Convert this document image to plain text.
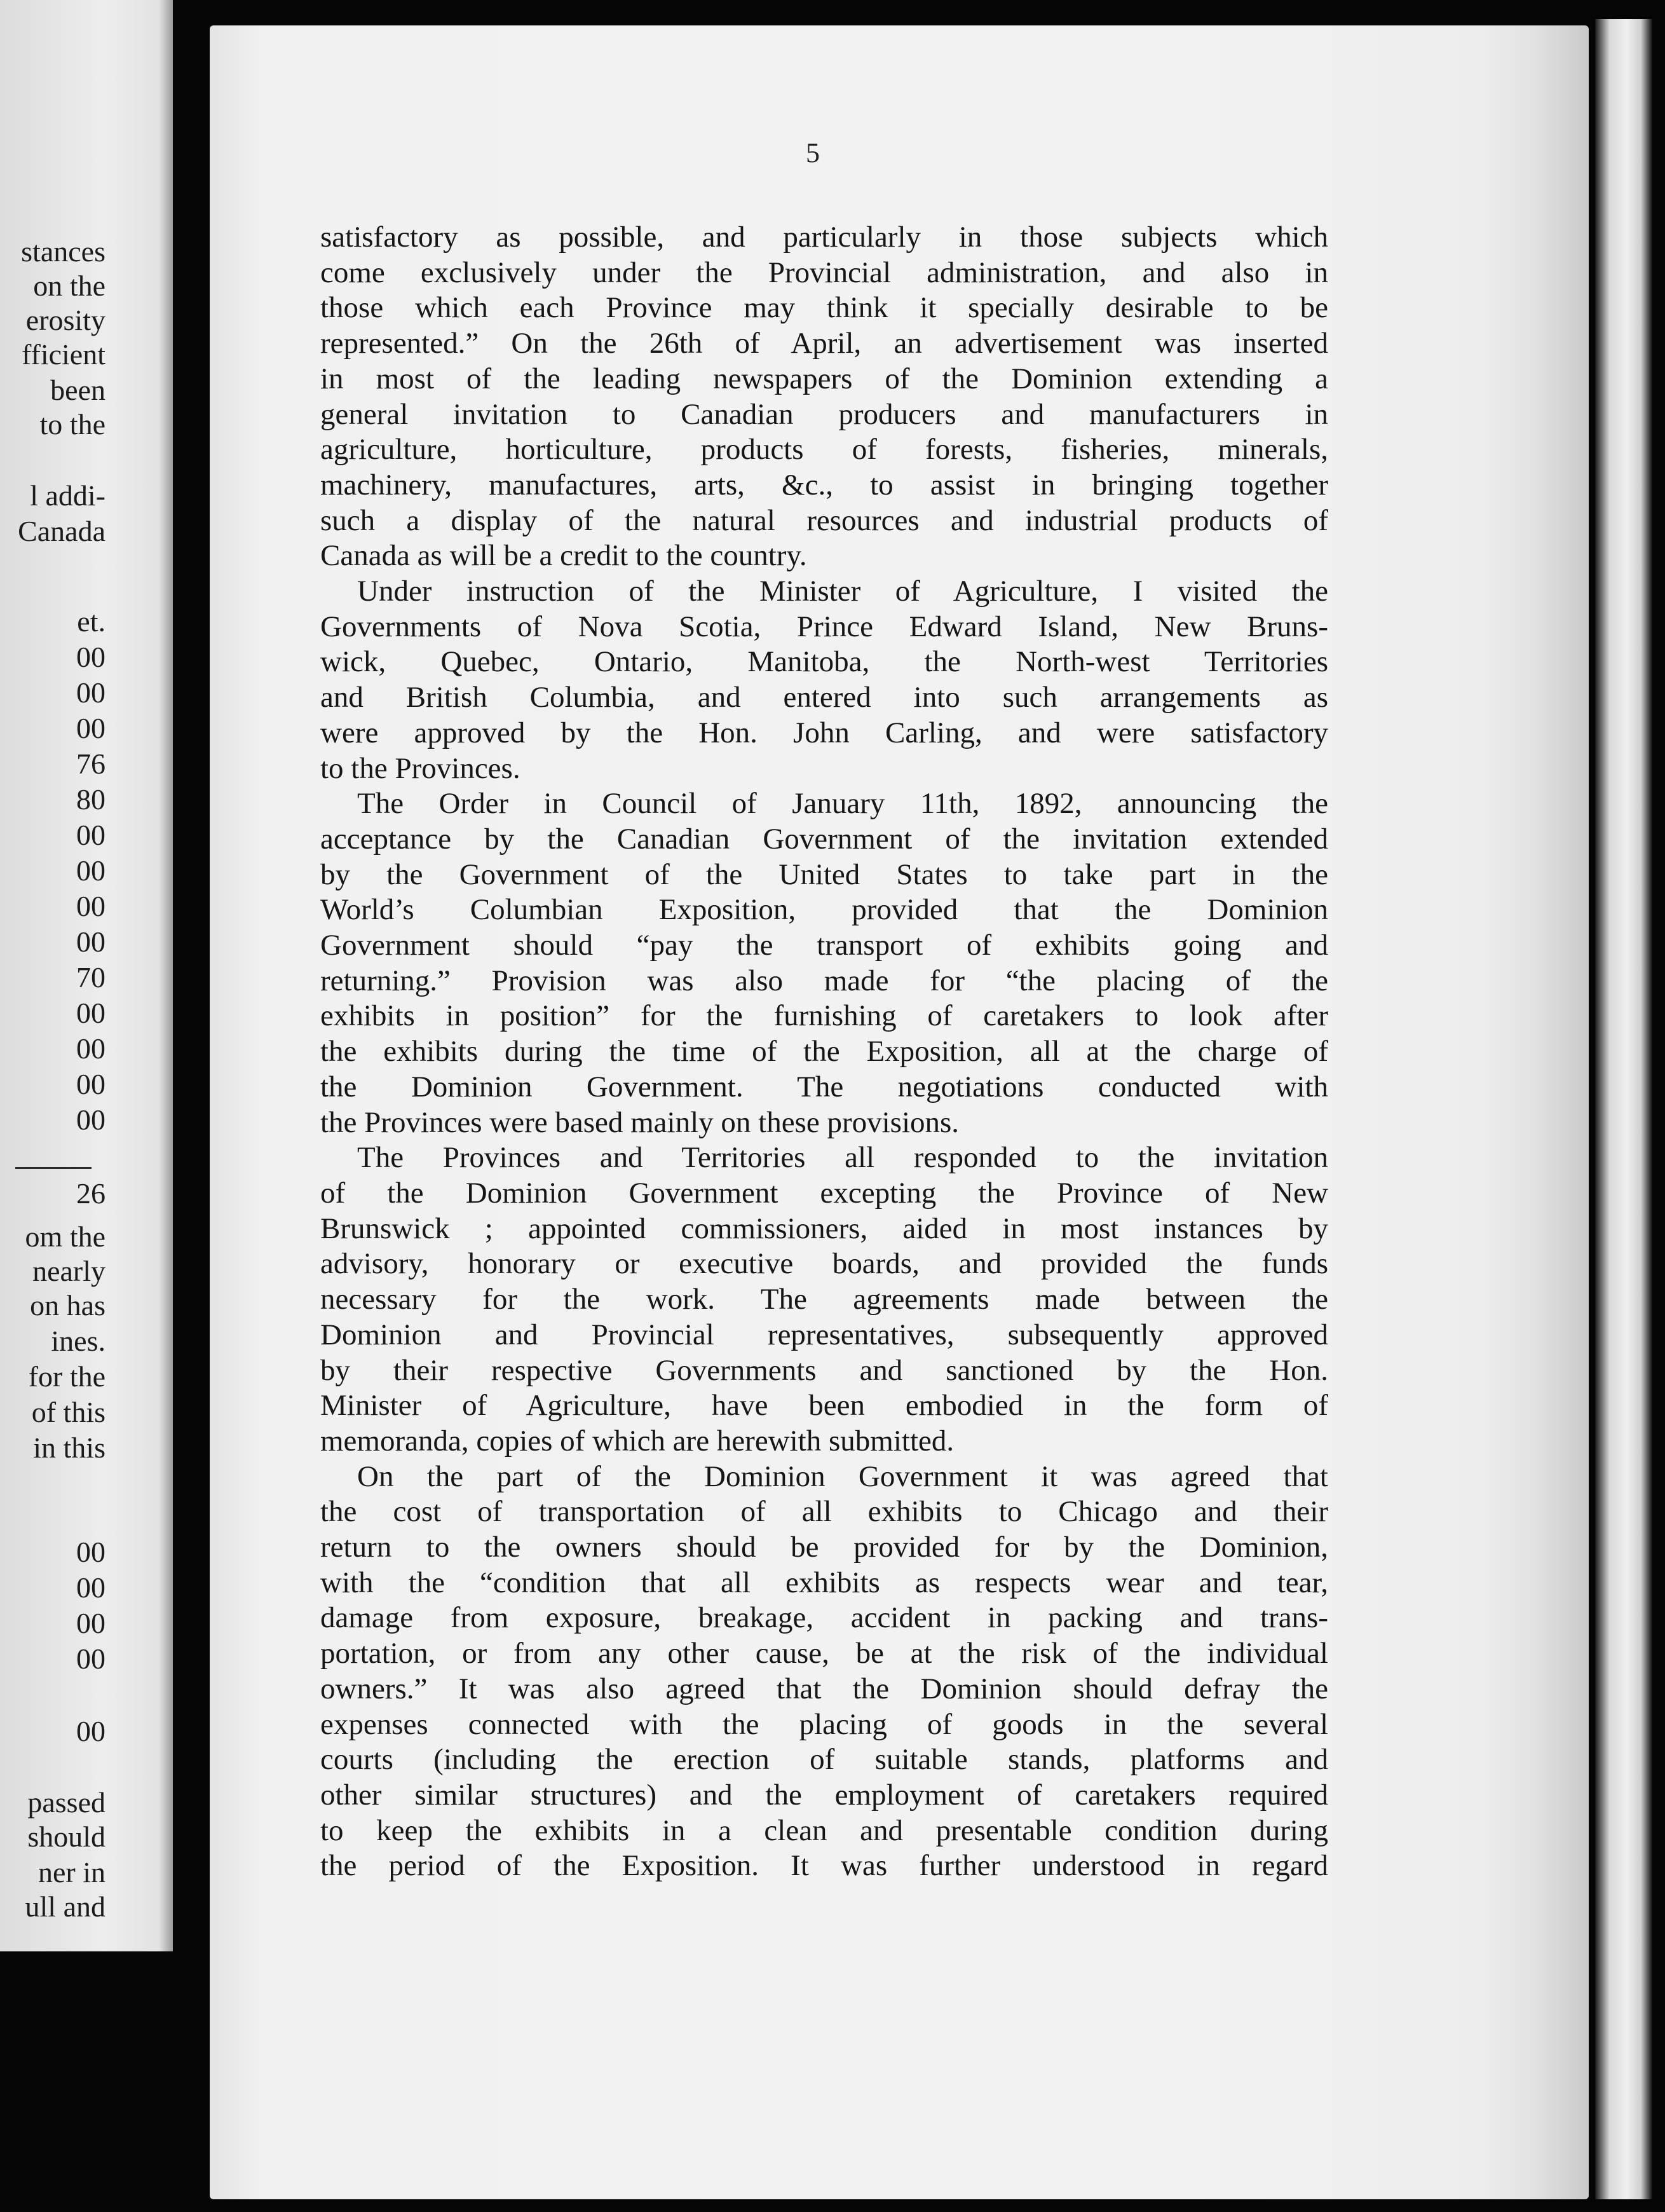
stances
on the
erosity
fficient
been
to the
l addi-
Canada
et.
00
00
00
76
80
00
00
00
00
70
00
00
00
00
26
om the
nearly
on has
ines.
for the
of this
in this
00
00
00
00
00
passed
should
ner in
ull and
5

satisfactory as possible, and particularly in those subjects which
come exclusively under the Provincial administration, and also in
those which each Province may think it specially desirable to be
represented.” On the 26th of April, an advertisement was inserted
in most of the leading newspapers of the Dominion extending a
general invitation to Canadian producers and manufacturers in
agriculture, horticulture, products of forests, fisheries, minerals,
machinery, manufactures, arts, &c., to assist in bringing together
such a display of the natural resources and industrial products of
Canada as will be a credit to the country.

Under instruction of the Minister of Agriculture, I visited the
Governments of Nova Scotia, Prince Edward Island, New Bruns-
wick, Quebec, Ontario, Manitoba, the North-west Territories
and British Columbia, and entered into such arrangements as
were approved by the Hon. John Carling, and were satisfactory
to the Provinces.

The Order in Council of January 11th, 1892, announcing the
acceptance by the Canadian Government of the invitation extended
by the Government of the United States to take part in the
World’s Columbian Exposition, provided that the Dominion
Government should “pay the transport of exhibits going and
returning.” Provision was also made for “the placing of the
exhibits in position” for the furnishing of caretakers to look after
the exhibits during the time of the Exposition, all at the charge of
the Dominion Government. The negotiations conducted with
the Provinces were based mainly on these provisions.

The Provinces and Territories all responded to the invitation
of the Dominion Government excepting the Province of New
Brunswick ; appointed commissioners, aided in most instances by
advisory, honorary or executive boards, and provided the funds
necessary for the work. The agreements made between the
Dominion and Provincial representatives, subsequently approved
by their respective Governments and sanctioned by the Hon.
Minister of Agriculture, have been embodied in the form of
memoranda, copies of which are herewith submitted.

On the part of the Dominion Government it was agreed that
the cost of transportation of all exhibits to Chicago and their
return to the owners should be provided for by the Dominion,
with the “condition that all exhibits as respects wear and tear,
damage from exposure, breakage, accident in packing and trans-
portation, or from any other cause, be at the risk of the individual
owners.” It was also agreed that the Dominion should defray the
expenses connected with the placing of goods in the several
courts (including the erection of suitable stands, platforms and
other similar structures) and the employment of caretakers required
to keep the exhibits in a clean and presentable condition during
the period of the Exposition. It was further understood in regard
